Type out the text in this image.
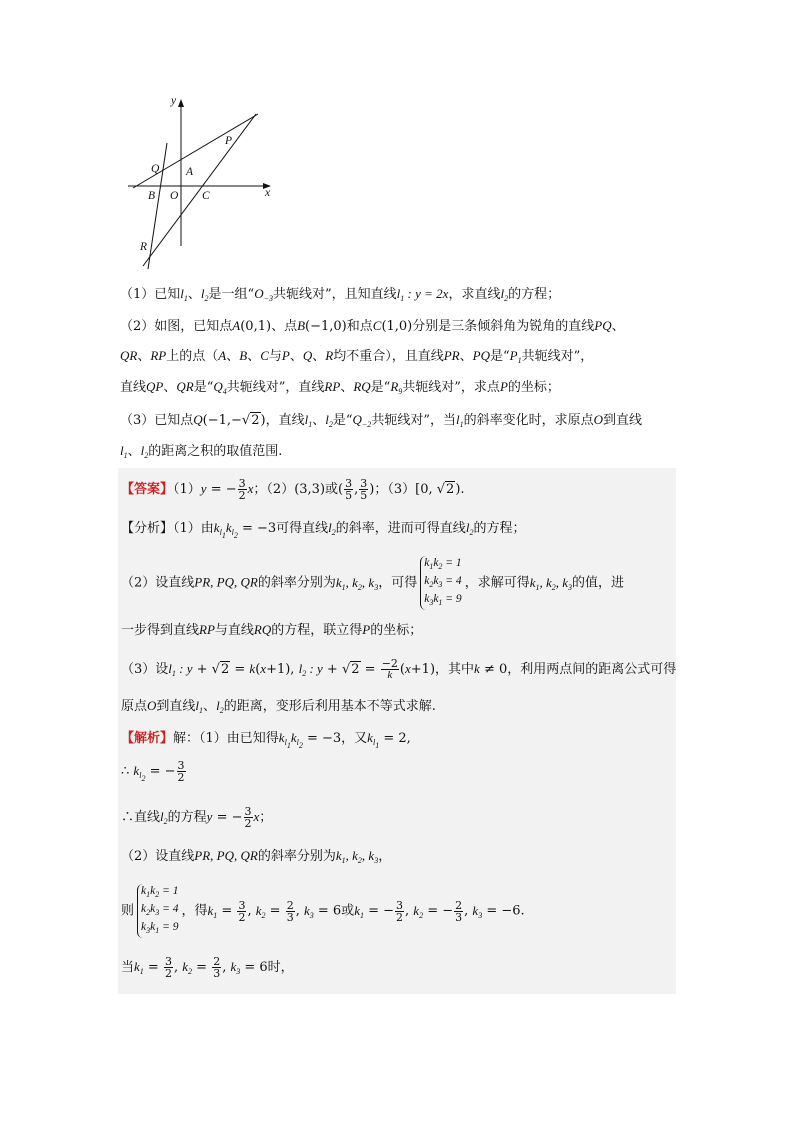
x
y
P
Q A
B O C
R
（1）已知$l_1$、$l_2$是一组“$O_{-3}$共轭线对”，且知直线$l_1$ : y = 2x，求直线$l_2$的方程；
（2）如图，已知点A(0,1)、点B(−1,0)和点C(1,0)分别是三条倾斜角为锐角的直线PQ、
QR、RP上的点（A、B、C与P、Q、R均不重合），且直线PR、PQ是“$P_1$共轭线对”，
直线QP、QR是“$Q_4$共轭线对”，直线RP、RQ是“$R_9$共轭线对”，求点P的坐标；
（3）已知点Q(−1,−√2)，直线$l_1$、$l_2$是“$Q_{-2}$共轭线对”，当$l_1$的斜率变化时，求原点O到直线
$l_1$、$l_2$的距离之积的取值范围.
【答案】（1）y = − $\frac{3}{2}$ x；（2）(3,3)或( $\frac{3}{5}$ , $\frac{3}{5}$ )；（3）[0, √2).
【分析】（1）由$k_{l_1}k_{l_2} = -3$可得直线$l_2$的斜率，进而可得直线$l_2$的方程；
（2）设直线PR, PQ, QR的斜率分别为$k_1$, $k_2$, $k_3$，可得
$k_1k_2 = 1$
$k_2k_3 = 4$
$k_3k_1 = 9$
，求解可得$k_1$, $k_2$, $k_3$的值，进
一步得到直线RP与直线RQ的方程，联立得P的坐标；
（3）设$l_1$ : y + √2 = k(x+1), $l_2$ : $y + √2 = \frac{-2}{k} (x+1)$，其中k ≠ 0，利用两点间的距离公式可得
原点O到直线$l_1$、$l_2$的距离，变形后利用基本不等式求解.
【解析】解：（1）由已知得$k_{l_1}k_{l_2} = -3$，又$k_{l_1} = 2$,
∴ $k_{l_2}$ = − $\frac{3}{2}$
∴直线$l_2$的方程y = − $\frac{3}{2}$ x；
（2）设直线PR, PQ, QR的斜率分别为$k_1$, $k_2$, $k_3$，
则
$k_1k_2 = 1$
$k_2k_3 = 4$
$k_3k_1 = 9$
，得$k_1 = \frac{3}{2}$ , $k_2 = \frac{2}{3}$ , $k_3 = 6$或$k_1$ = − $\frac{3}{2}$ , $k_2$ = − $\frac{2}{3}$ , $k_3 = -6$.
当$k_1 = \frac{3}{2}$ , $k_2 = \frac{2}{3}$ , $k_3 = 6$时，
